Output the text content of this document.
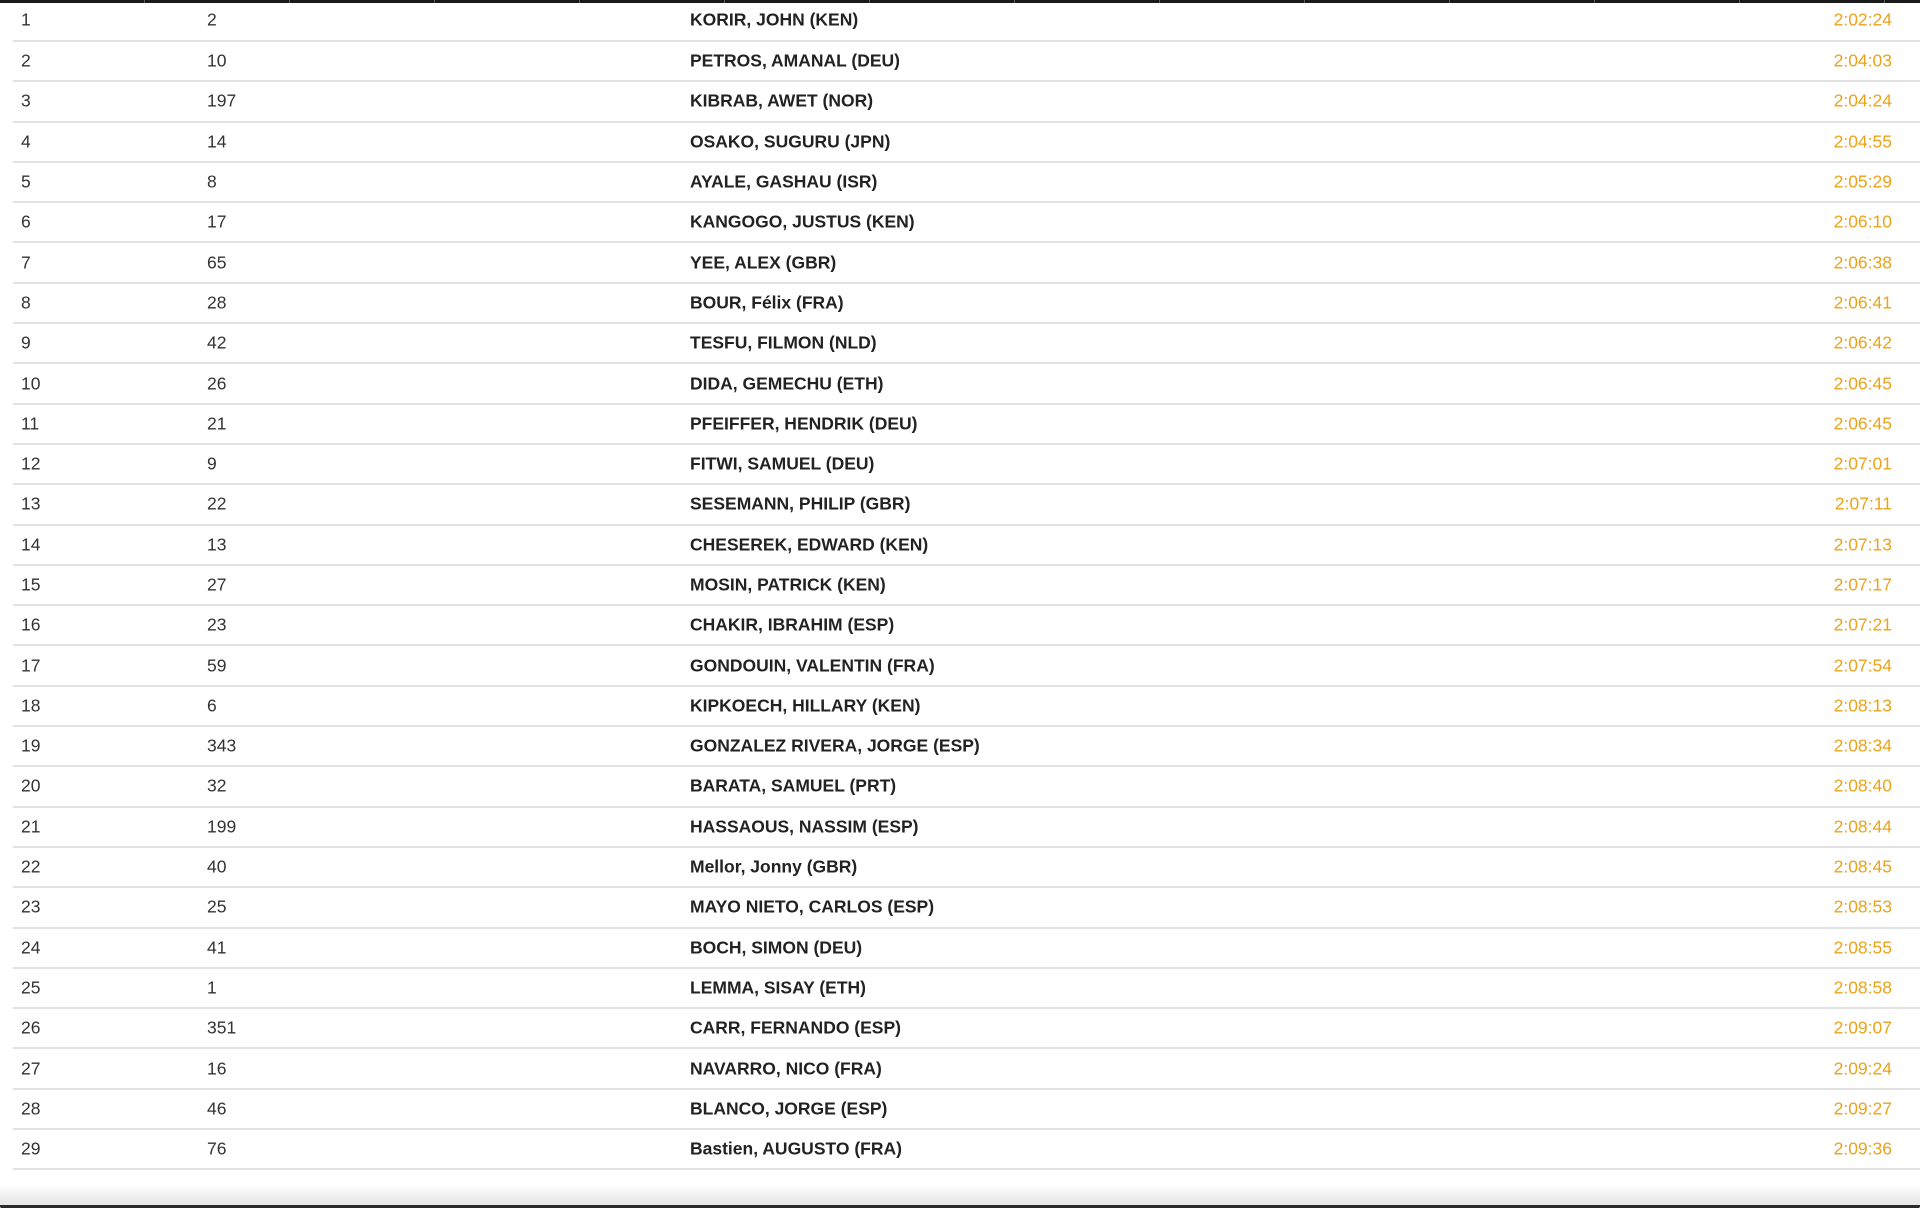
1	2	KORIR, JOHN (KEN)	2:02:24
2	10	PETROS, AMANAL (DEU)	2:04:03
3	197	KIBRAB, AWET (NOR)	2:04:24
4	14	OSAKO, SUGURU (JPN)	2:04:55
5	8	AYALE, GASHAU (ISR)	2:05:29
6	17	KANGOGO, JUSTUS (KEN)	2:06:10
7	65	YEE, ALEX (GBR)	2:06:38
8	28	BOUR, Félix (FRA)	2:06:41
9	42	TESFU, FILMON (NLD)	2:06:42
10	26	DIDA, GEMECHU (ETH)	2:06:45
11	21	PFEIFFER, HENDRIK (DEU)	2:06:45
12	9	FITWI, SAMUEL (DEU)	2:07:01
13	22	SESEMANN, PHILIP (GBR)	2:07:11
14	13	CHESEREK, EDWARD (KEN)	2:07:13
15	27	MOSIN, PATRICK (KEN)	2:07:17
16	23	CHAKIR, IBRAHIM (ESP)	2:07:21
17	59	GONDOUIN, VALENTIN (FRA)	2:07:54
18	6	KIPKOECH, HILLARY (KEN)	2:08:13
19	343	GONZALEZ RIVERA, JORGE (ESP)	2:08:34
20	32	BARATA, SAMUEL (PRT)	2:08:40
21	199	HASSAOUS, NASSIM (ESP)	2:08:44
22	40	Mellor, Jonny (GBR)	2:08:45
23	25	MAYO NIETO, CARLOS (ESP)	2:08:53
24	41	BOCH, SIMON (DEU)	2:08:55
25	1	LEMMA, SISAY (ETH)	2:08:58
26	351	CARR, FERNANDO (ESP)	2:09:07
27	16	NAVARRO, NICO (FRA)	2:09:24
28	46	BLANCO, JORGE (ESP)	2:09:27
29	76	Bastien, AUGUSTO (FRA)	2:09:36
